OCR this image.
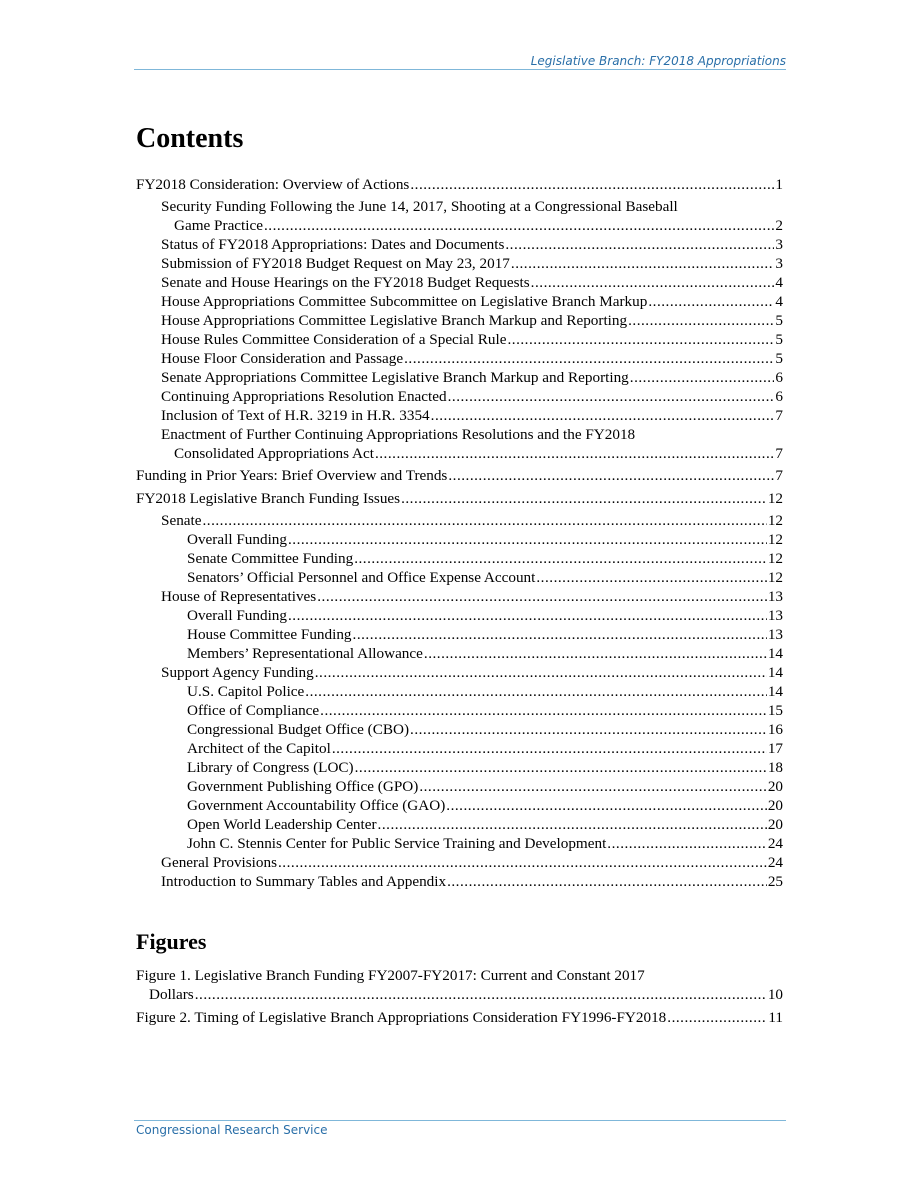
Legislative Branch: FY2018 Appropriations
Contents
FY2018 Consideration: Overview of Actions .....	1
Security Funding Following the June 14, 2017, Shooting at a Congressional Baseball
Game Practice .....	2
Status of FY2018 Appropriations: Dates and Documents .....	3
Submission of FY2018 Budget Request on May 23, 2017 .....	3
Senate and House Hearings on the FY2018 Budget Requests .....	4
House Appropriations Committee Subcommittee on Legislative Branch Markup .....	4
House Appropriations Committee Legislative Branch Markup and Reporting .....	5
House Rules Committee Consideration of a Special Rule .....	5
House Floor Consideration and Passage .....	5
Senate Appropriations Committee Legislative Branch Markup and Reporting .....	6
Continuing Appropriations Resolution Enacted .....	6
Inclusion of Text of H.R. 3219 in H.R. 3354 .....	7
Enactment of Further Continuing Appropriations Resolutions and the FY2018
Consolidated Appropriations Act .....	7
Funding in Prior Years: Brief Overview and Trends .....	7
FY2018 Legislative Branch Funding Issues .....	12
Senate .....	12
Overall Funding .....	12
Senate Committee Funding .....	12
Senators’ Official Personnel and Office Expense Account .....	12
House of Representatives .....	13
Overall Funding .....	13
House Committee Funding .....	13
Members’ Representational Allowance .....	14
Support Agency Funding .....	14
U.S. Capitol Police .....	14
Office of Compliance .....	15
Congressional Budget Office (CBO) .....	16
Architect of the Capitol .....	17
Library of Congress (LOC) .....	18
Government Publishing Office (GPO) .....	20
Government Accountability Office (GAO) .....	20
Open World Leadership Center .....	20
John C. Stennis Center for Public Service Training and Development .....	24
General Provisions .....	24
Introduction to Summary Tables and Appendix .....	25
Figures
Figure 1. Legislative Branch Funding FY2007-FY2017: Current and Constant 2017
Dollars .....	10
Figure 2. Timing of Legislative Branch Appropriations Consideration FY1996-FY2018 .....	11
Congressional Research Service
